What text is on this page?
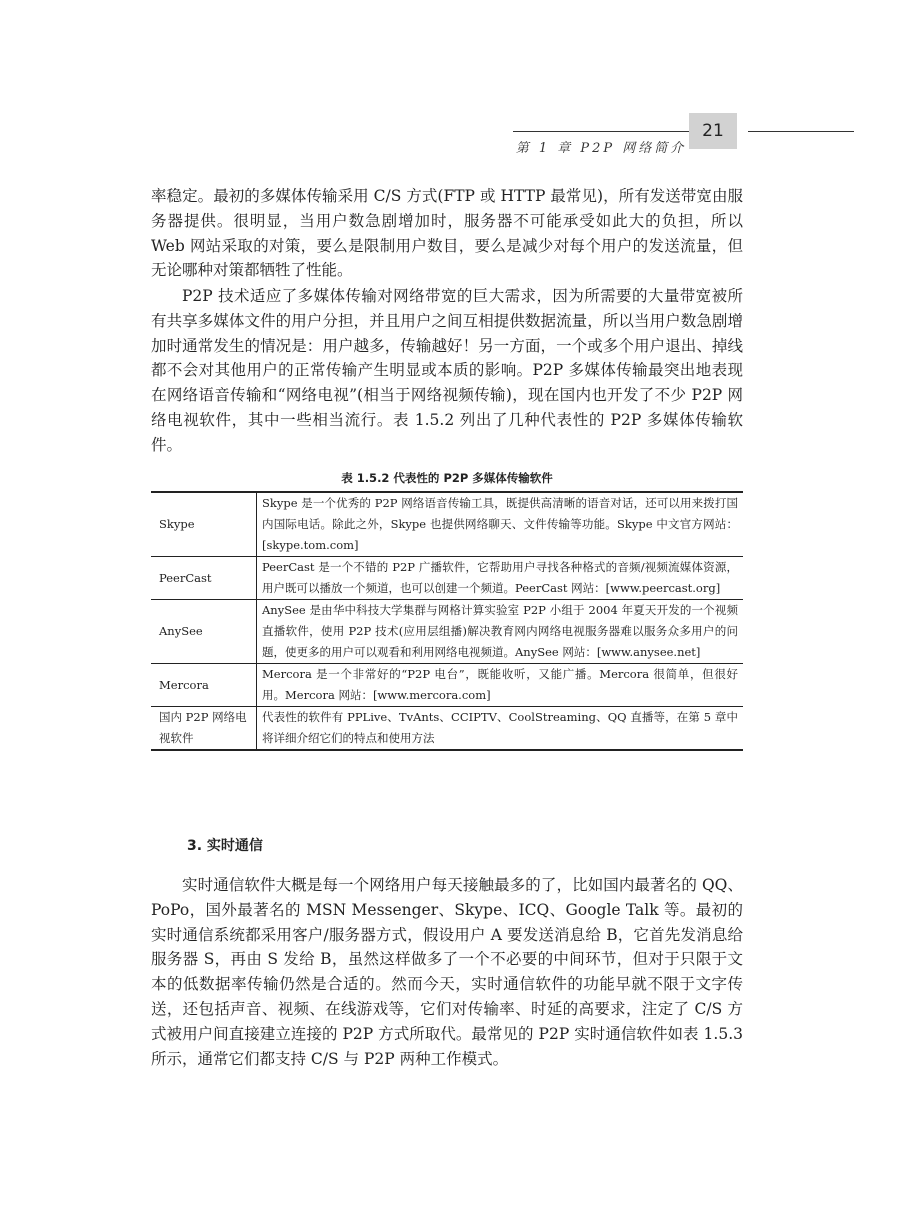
第 1 章 P2P 网络简介
21

率稳定。最初的多媒体传输采用 C/S 方式(FTP 或 HTTP 最常见)，所有发送带宽由服务器提供。很明显，当用户数急剧增加时，服务器不可能承受如此大的负担，所以 Web 网站采取的对策，要么是限制用户数目，要么是减少对每个用户的发送流量，但无论哪种对策都牺牲了性能。

P2P 技术适应了多媒体传输对网络带宽的巨大需求，因为所需要的大量带宽被所有共享多媒体文件的用户分担，并且用户之间互相提供数据流量，所以当用户数急剧增加时通常发生的情况是：用户越多，传输越好！另一方面，一个或多个用户退出、掉线都不会对其他用户的正常传输产生明显或本质的影响。P2P 多媒体传输最突出地表现在网络语音传输和“网络电视”(相当于网络视频传输)，现在国内也开发了不少 P2P 网络电视软件，其中一些相当流行。表 1.5.2 列出了几种代表性的 P2P 多媒体传输软件。

表 1.5.2 代表性的 P2P 多媒体传输软件
Skype	Skype 是一个优秀的 P2P 网络语音传输工具，既提供高清晰的语音对话，还可以用来拨打国内国际电话。除此之外，Skype 也提供网络聊天、文件传输等功能。Skype 中文官方网站：[skype.tom.com]
PeerCast	PeerCast 是一个不错的 P2P 广播软件，它帮助用户寻找各种格式的音频/视频流媒体资源，用户既可以播放一个频道，也可以创建一个频道。PeerCast 网站：[www.peercast.org]
AnySee	AnySee 是由华中科技大学集群与网格计算实验室 P2P 小组于 2004 年夏天开发的一个视频直播软件，使用 P2P 技术(应用层组播)解决教育网内网络电视服务器难以服务众多用户的问题，使更多的用户可以观看和利用网络电视频道。AnySee 网站：[www.anysee.net]
Mercora	Mercora 是一个非常好的“P2P 电台”，既能收听，又能广播。Mercora 很简单，但很好用。Mercora 网站：[www.mercora.com]
国内 P2P 网络电视软件	代表性的软件有 PPLive、TvAnts、CCIPTV、CoolStreaming、QQ 直播等，在第 5 章中将详细介绍它们的特点和使用方法
3. 实时通信

实时通信软件大概是每一个网络用户每天接触最多的了，比如国内最著名的 QQ、PoPo，国外最著名的 MSN Messenger、Skype、ICQ、Google Talk 等。最初的实时通信系统都采用客户/服务器方式，假设用户 A 要发送消息给 B，它首先发消息给服务器 S，再由 S 发给 B，虽然这样做多了一个不必要的中间环节，但对于只限于文本的低数据率传输仍然是合适的。然而今天，实时通信软件的功能早就不限于文字传送，还包括声音、视频、在线游戏等，它们对传输率、时延的高要求，注定了 C/S 方式被用户间直接建立连接的 P2P 方式所取代。最常见的 P2P 实时通信软件如表 1.5.3 所示，通常它们都支持 C/S 与 P2P 两种工作模式。
